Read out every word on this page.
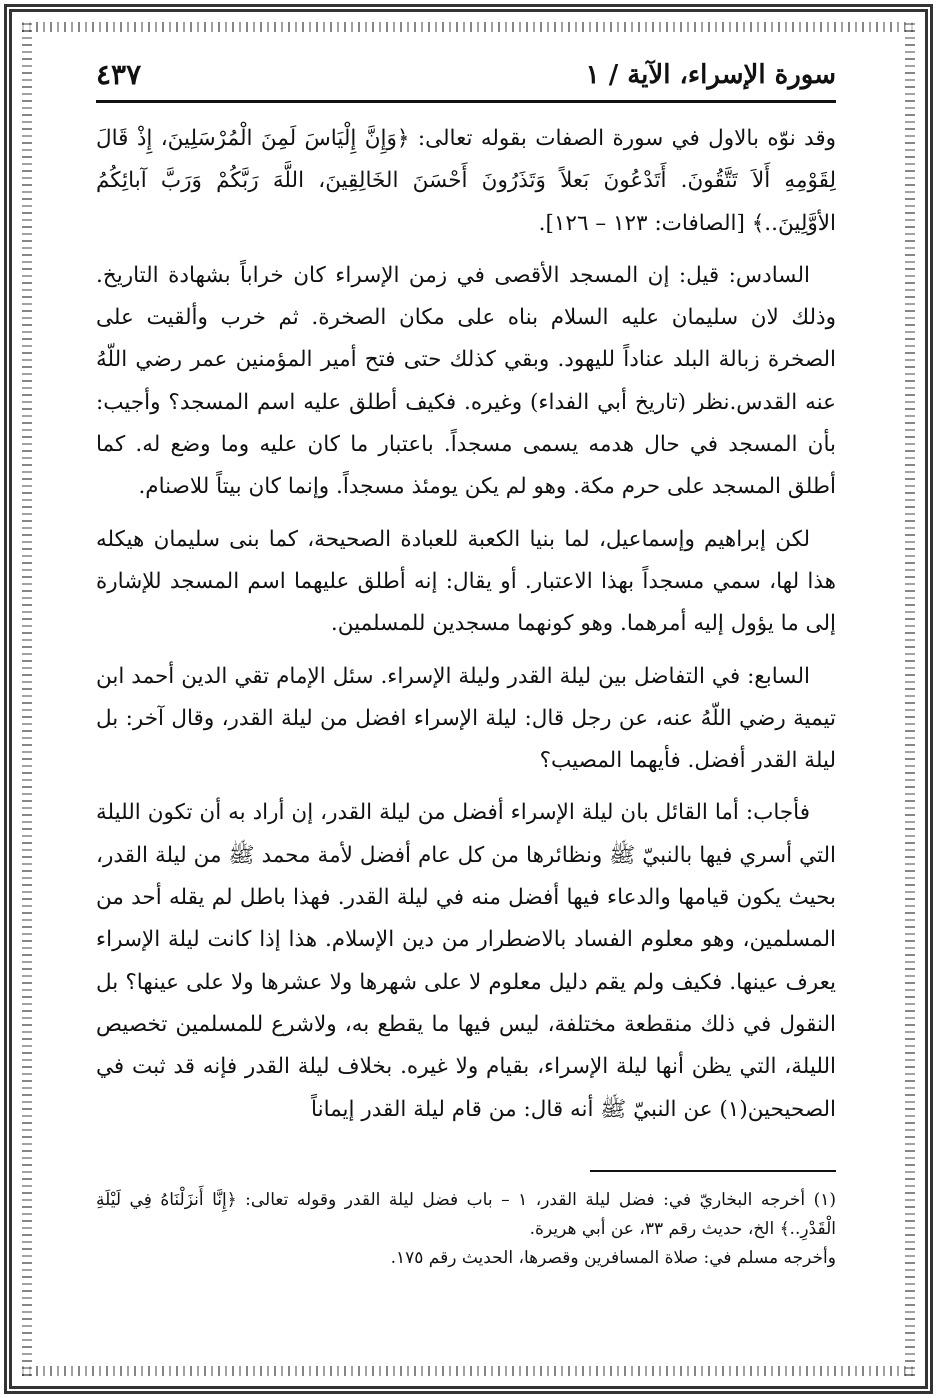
سورة الإسراء، الآية / ١
٤٣٧

وقد نوّه بالاول في سورة الصفات بقوله تعالى: ﴿وَإِنَّ إِلْيَاسَ لَمِنَ الْمُرْسَلِينَ، إِذْ قَالَ لِقَوْمِهِ أَلاَ تَتَّقُونَ. أَتَدْعُونَ بَعلاً وَتَذَرُونَ أَحْسَنَ الخَالِقِينَ، اللَّهَ رَبَّكُمْ وَرَبَّ آبائِكُمُ الأوَّلِينَ..﴾ [الصافات: ١٢٣ – ١٢٦].

السادس: قيل: إن المسجد الأقصى في زمن الإسراء كان خراباً بشهادة التاريخ. وذلك لان سليمان عليه السلام بناه على مكان الصخرة. ثم خرب وألقيت على الصخرة زبالة البلد عناداً لليهود. وبقي كذلك حتى فتح أمير المؤمنين عمر رضي اللّهُ عنه القدس.نظر (تاريخ أبي الفداء) وغيره. فكيف أطلق عليه اسم المسجد؟ وأجيب: بأن المسجد في حال هدمه يسمى مسجداً. باعتبار ما كان عليه وما وضع له. كما أطلق المسجد على حرم مكة. وهو لم يكن يومئذ مسجداً. وإنما كان بيتاً للاصنام.

لكن إبراهيم وإسماعيل، لما بنيا الكعبة للعبادة الصحيحة، كما بنى سليمان هيكله هذا لها، سمي مسجداً بهذا الاعتبار. أو يقال: إنه أطلق عليهما اسم المسجد للإشارة إلى ما يؤول إليه أمرهما. وهو كونهما مسجدين للمسلمين.

السابع: في التفاضل بين ليلة القدر وليلة الإسراء. سئل الإمام تقي الدين أحمد ابن تيمية رضي اللّهُ عنه، عن رجل قال: ليلة الإسراء افضل من ليلة القدر، وقال آخر: بل ليلة القدر أفضل. فأيهما المصيب؟

فأجاب: أما القائل بان ليلة الإسراء أفضل من ليلة القدر، إن أراد به أن تكون الليلة التي أسري فيها بالنبيّ ﷺ ونظائرها من كل عام أفضل لأمة محمد ﷺ من ليلة القدر، بحيث يكون قيامها والدعاء فيها أفضل منه في ليلة القدر. فهذا باطل لم يقله أحد من المسلمين، وهو معلوم الفساد بالاضطرار من دين الإسلام. هذا إذا كانت ليلة الإسراء يعرف عينها. فكيف ولم يقم دليل معلوم لا على شهرها ولا عشرها ولا على عينها؟ بل النقول في ذلك منقطعة مختلفة، ليس فيها ما يقطع به، ولاشرع للمسلمين تخصيص الليلة، التي يظن أنها ليلة الإسراء، بقيام ولا غيره. بخلاف ليلة القدر فإنه قد ثبت في الصحيحين(١) عن النبيّ ﷺ أنه قال: من قام ليلة القدر إيماناً

(١) أخرجه البخاريّ في: فضل ليلة القدر، ١ – باب فضل ليلة القدر وقوله تعالى: ﴿إِنَّا أَنزَلْنَاهُ فِي لَيْلَةِ الْقَدْرِ..﴾ الخ، حديث رقم ٣٣، عن أبي هريرة.

وأخرجه مسلم في: صلاة المسافرين وقصرها، الحديث رقم ١٧٥.
